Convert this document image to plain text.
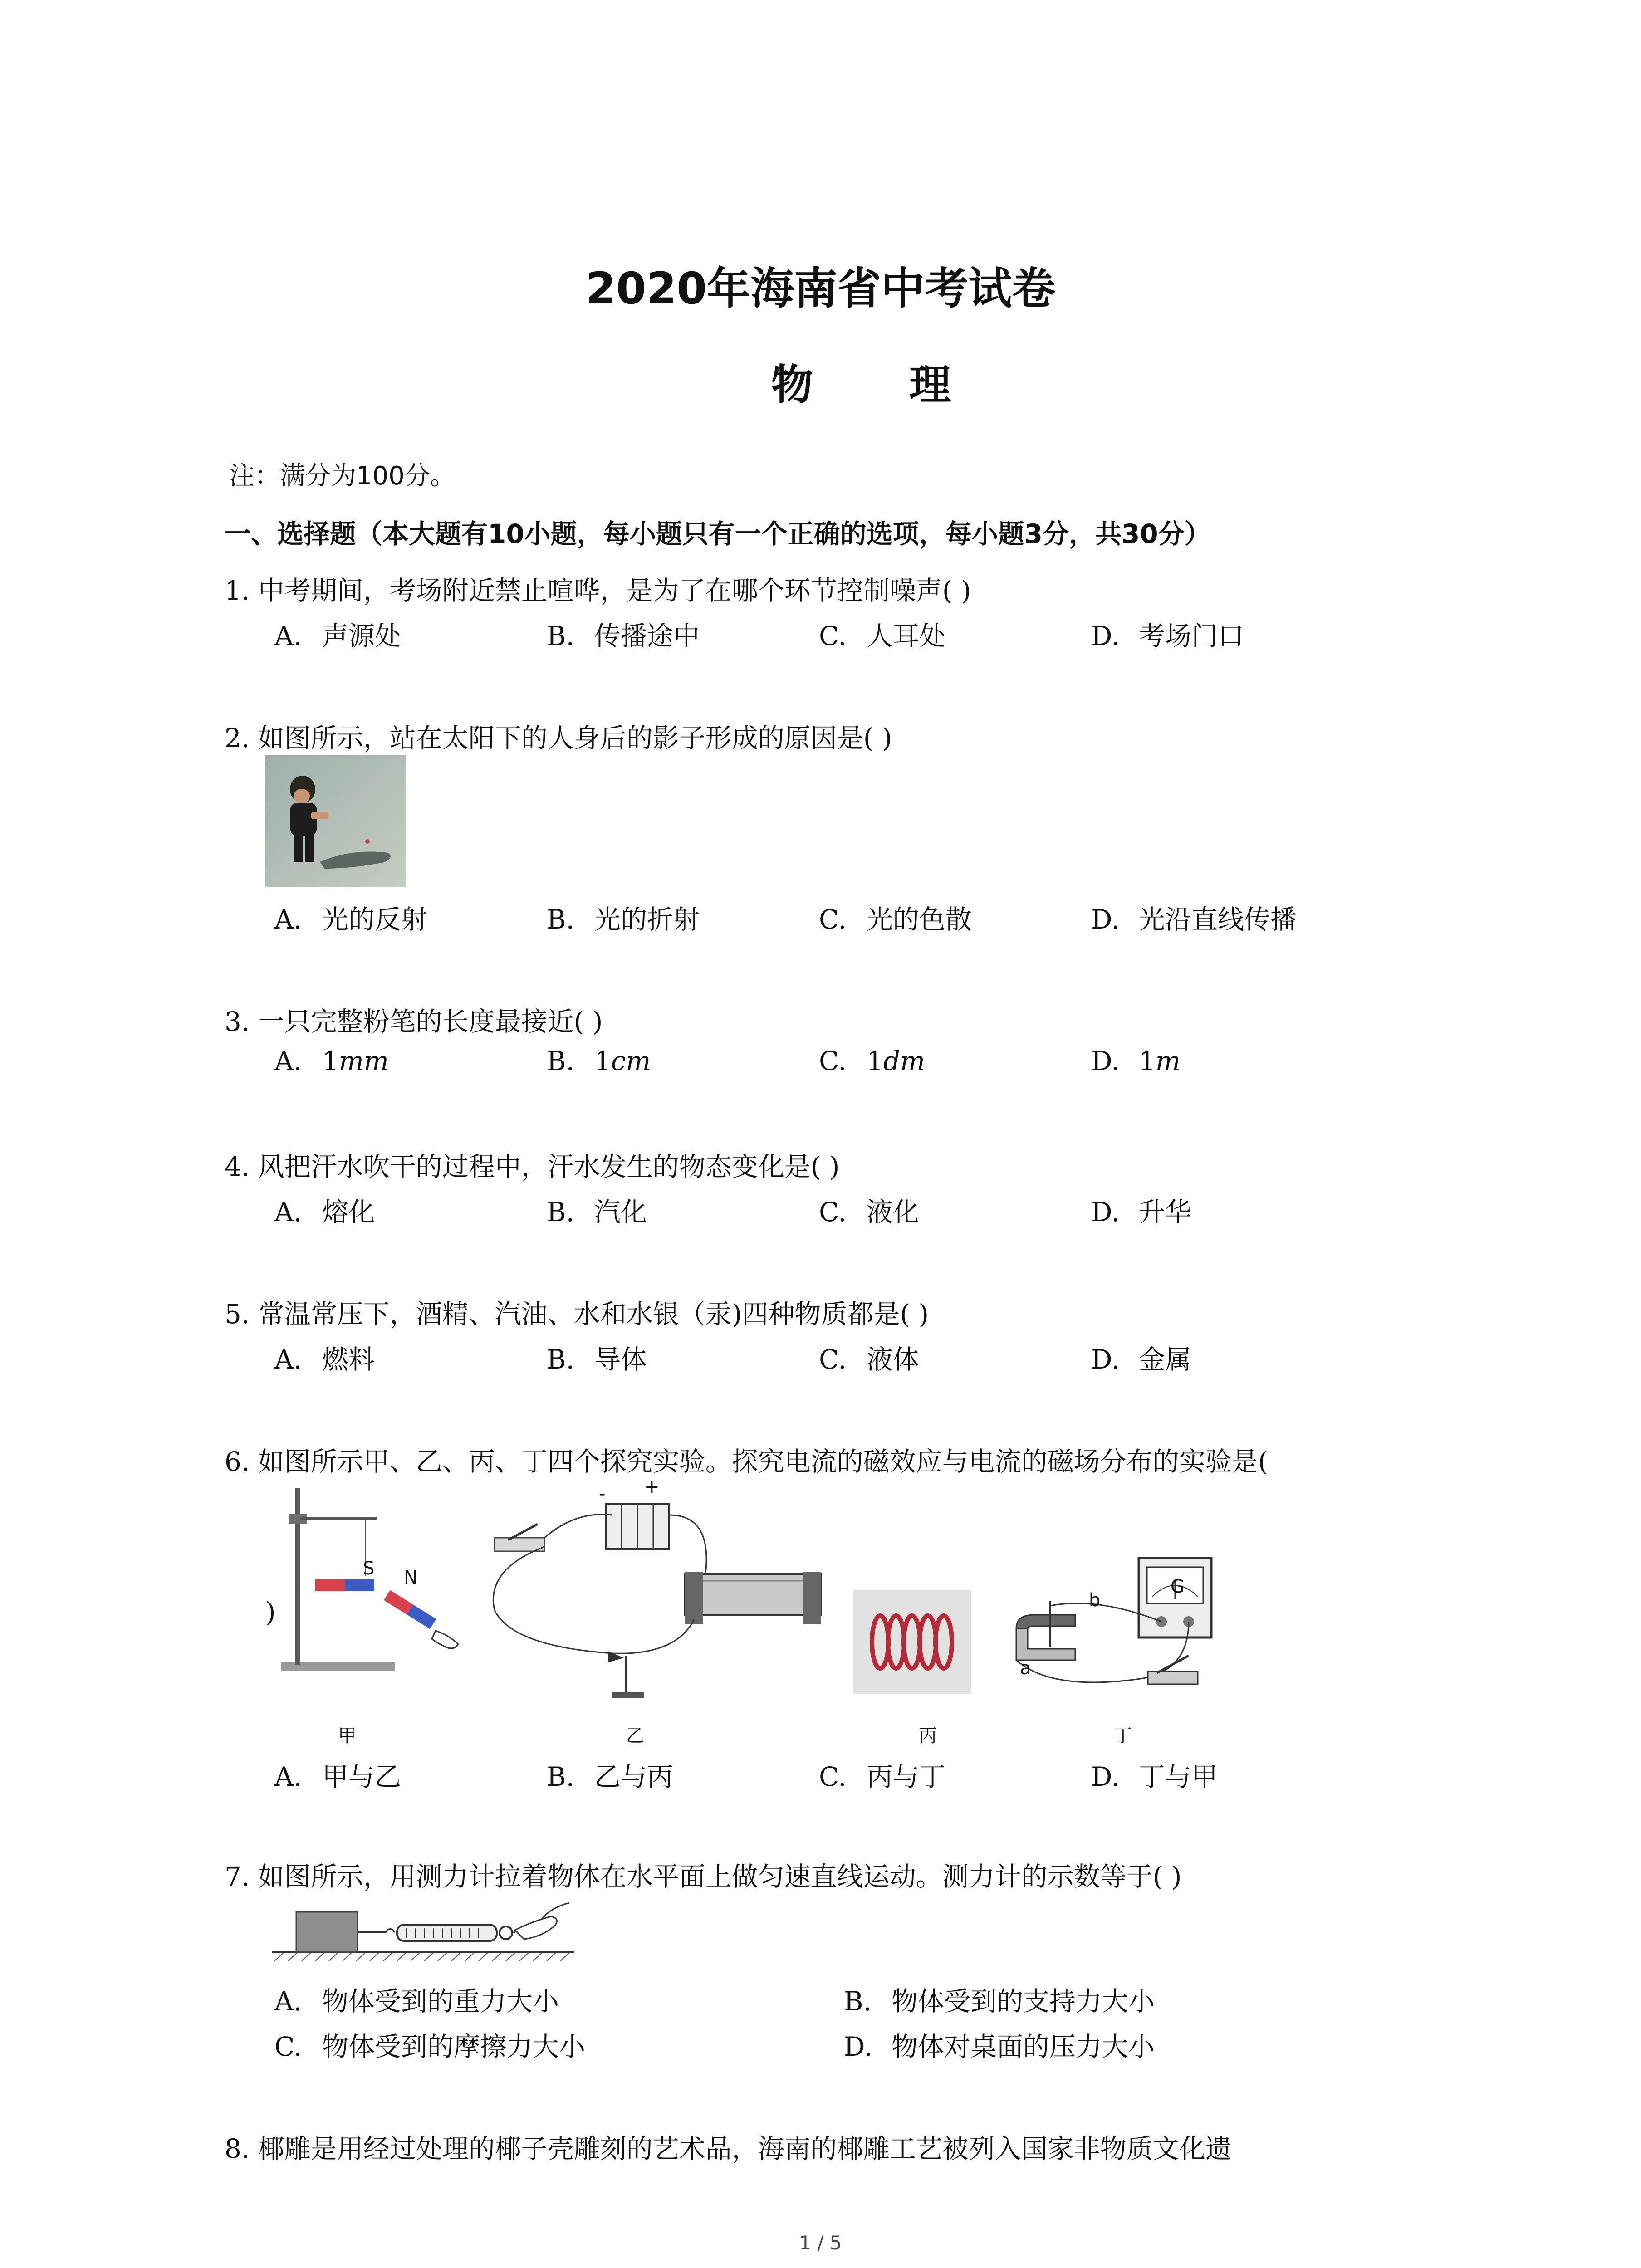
2020年海南省中考试卷
物 理
注：满分为100分。
一、选择题（本大题有10小题，每小题只有一个正确的选项，每小题3分，共30分）
1. 中考期间，考场附近禁止喧哗，是为了在哪个环节控制噪声( )
A. 声源处	B. 传播途中	C. 人耳处	D. 考场门口
2. 如图所示，站在太阳下的人身后的影子形成的原因是( )
A. 光的反射	B. 光的折射	C. 光的色散	D. 光沿直线传播
3. 一只完整粉笔的长度最接近( )
A. 1mm	B. 1cm	C. 1dm	D. 1m
4. 风把汗水吹干的过程中，汗水发生的物态变化是( )
A. 熔化	B. 汽化	C. 液化	D. 升华
5. 常温常压下，酒精、汽油、水和水银（汞)四种物质都是( )
A. 燃料	B. 导体	C. 液体	D. 金属
6. 如图所示甲、乙、丙、丁四个探究实验。探究电流的磁效应与电流的磁场分布的实验是(
)
S N
- +
b
a
G
甲	乙	丙	丁
A. 甲与乙	B. 乙与丙	C. 丙与丁	D. 丁与甲
7. 如图所示，用测力计拉着物体在水平面上做匀速直线运动。测力计的示数等于( )
A. 物体受到的重力大小	B. 物体受到的支持力大小
C. 物体受到的摩擦力大小	D. 物体对桌面的压力大小
8. 椰雕是用经过处理的椰子壳雕刻的艺术品，海南的椰雕工艺被列入国家非物质文化遗
1 / 5
